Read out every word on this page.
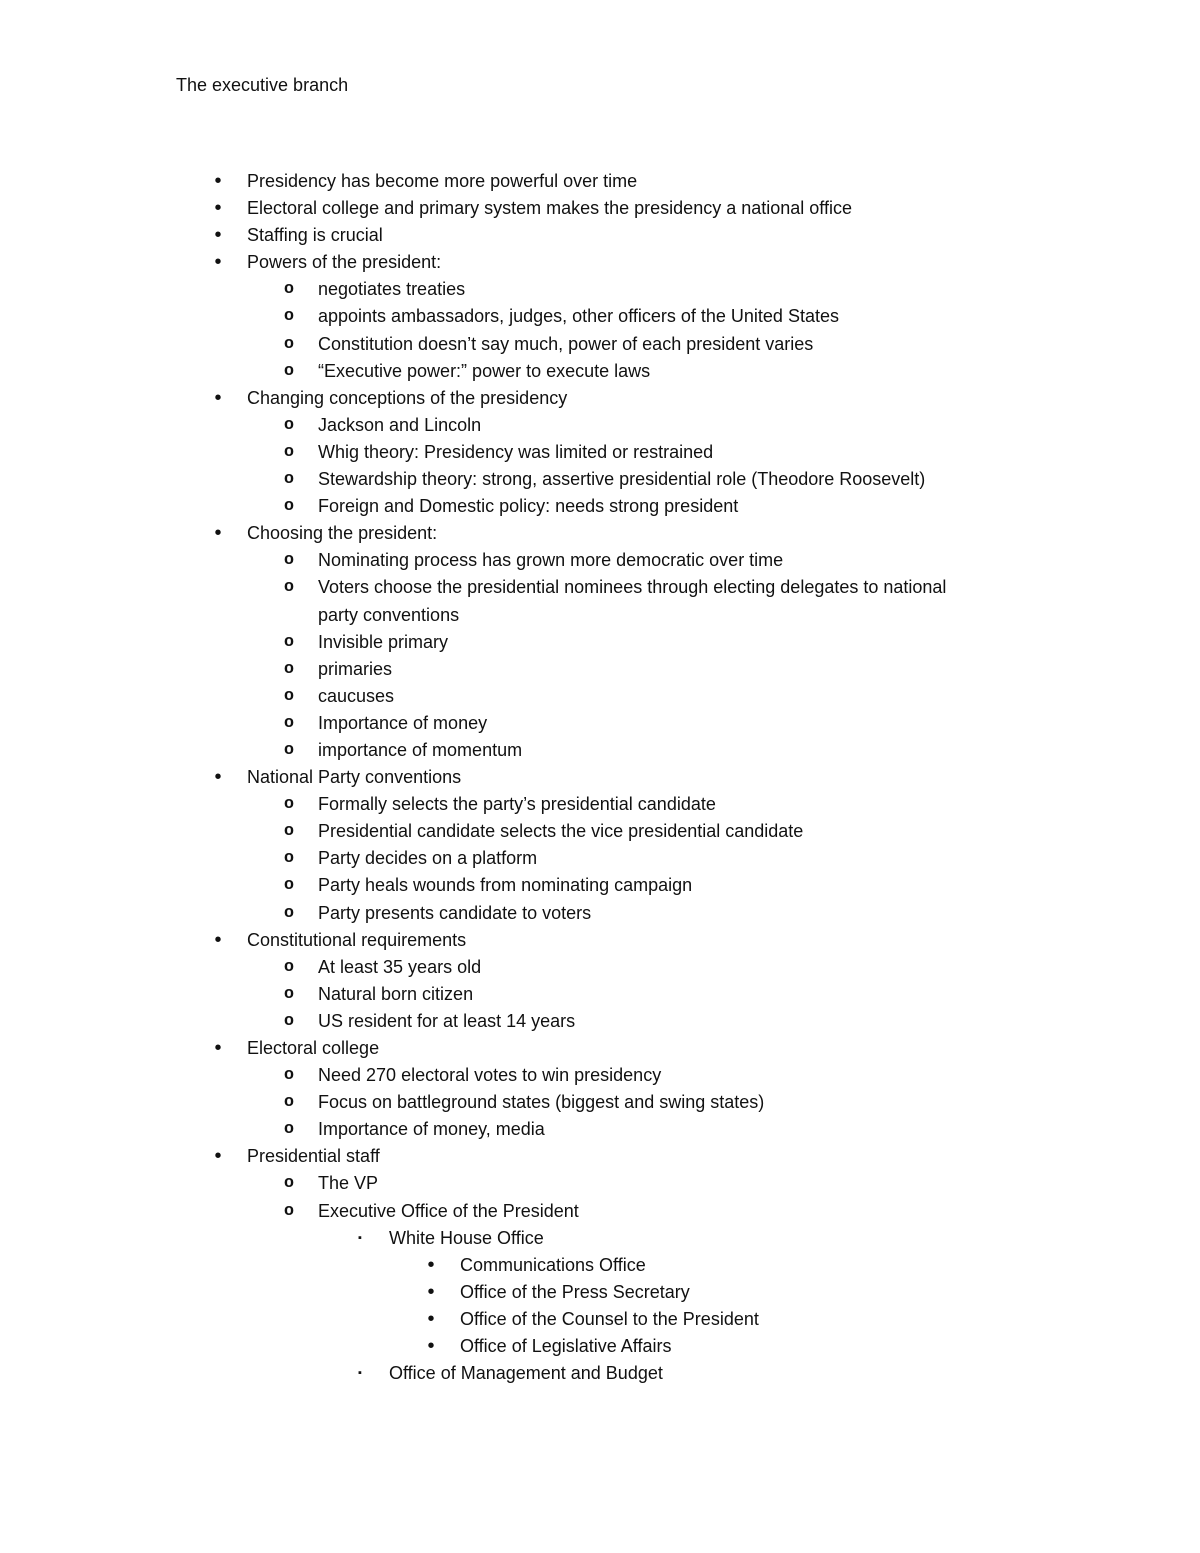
The executive branch
• Presidency has become more powerful over time
• Electoral college and primary system makes the presidency a national office
• Staffing is crucial
• Powers of the president:
o negotiates treaties
o appoints ambassadors, judges, other officers of the United States
o Constitution doesn’t say much, power of each president varies
o “Executive power:” power to execute laws
• Changing conceptions of the presidency
o Jackson and Lincoln
o Whig theory: Presidency was limited or restrained
o Stewardship theory: strong, assertive presidential role (Theodore Roosevelt)
o Foreign and Domestic policy: needs strong president
• Choosing the president:
o Nominating process has grown more democratic over time
o Voters choose the presidential nominees through electing delegates to national
party conventions
o Invisible primary
o primaries
o caucuses
o Importance of money
o importance of momentum
• National Party conventions
o Formally selects the party’s presidential candidate
o Presidential candidate selects the vice presidential candidate
o Party decides on a platform
o Party heals wounds from nominating campaign
o Party presents candidate to voters
• Constitutional requirements
o At least 35 years old
o Natural born citizen
o US resident for at least 14 years
• Electoral college
o Need 270 electoral votes to win presidency
o Focus on battleground states (biggest and swing states)
o Importance of money, media
• Presidential staff
o The VP
o Executive Office of the President
▪ White House Office
• Communications Office
• Office of the Press Secretary
• Office of the Counsel to the President
• Office of Legislative Affairs
▪ Office of Management and Budget
